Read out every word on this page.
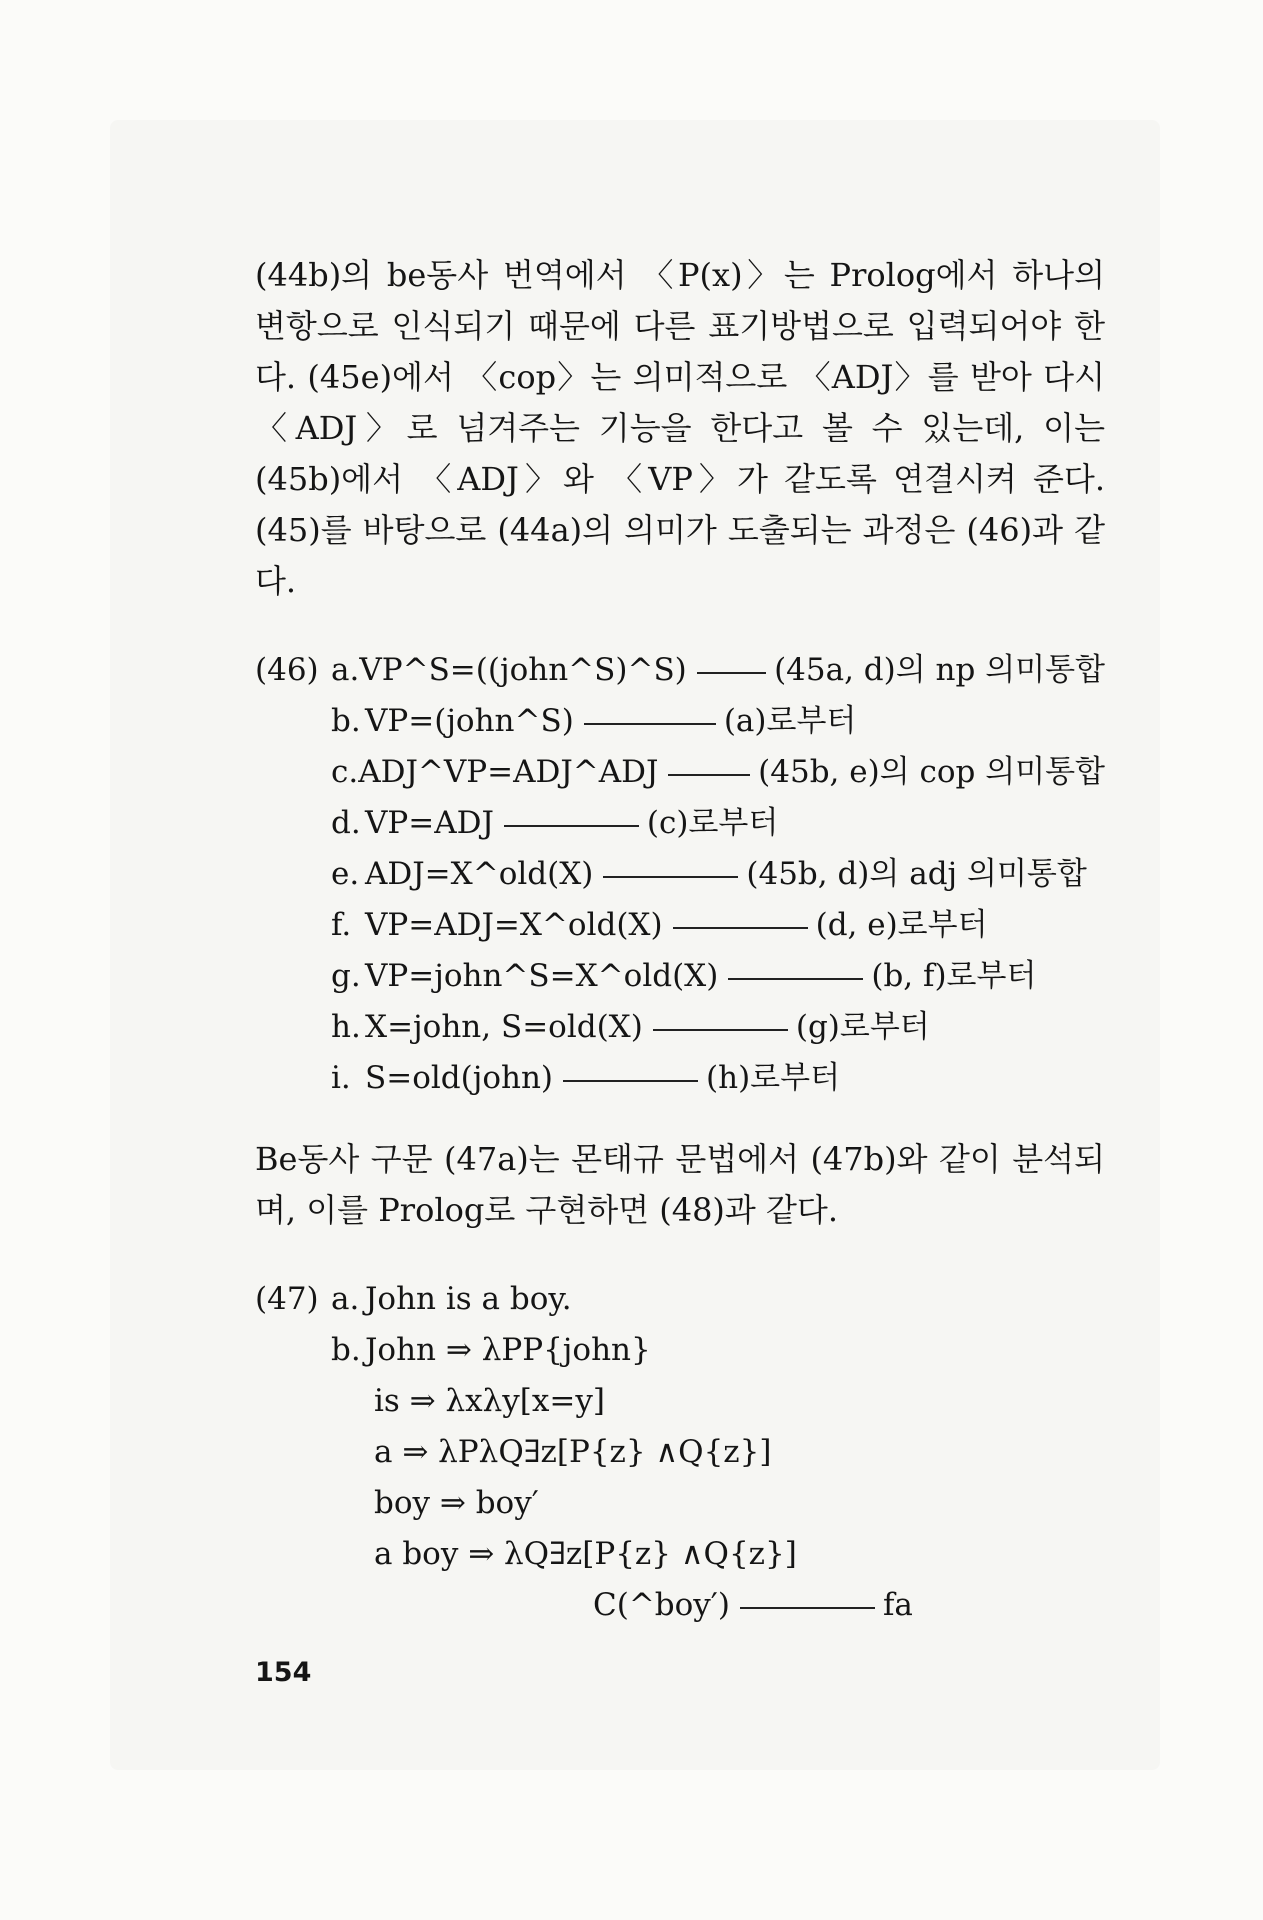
(44b)의 be동사 번역에서 〈P(x)〉는 Prolog에서 하나의 변항으로 인식되기 때문에 다른 표기방법으로 입력되어야 한다. (45e)에서 〈cop〉는 의미적으로 〈ADJ〉를 받아 다시 〈ADJ〉로 넘겨주는 기능을 한다고 볼 수 있는데, 이는 (45b)에서 〈ADJ〉와 〈VP〉가 같도록 연결시켜 준다. (45)를 바탕으로 (44a)의 의미가 도출되는 과정은 (46)과 같다.

(46) a. VP^S=((john^S)^S)	(45a, d)의 np 의미통합
b. VP=(john^S)	(a)로부터
c. ADJ^VP=ADJ^ADJ	(45b, e)의 cop 의미통합
d. VP=ADJ	(c)로부터
e. ADJ=X^old(X)	(45b, d)의 adj 의미통합
f. VP=ADJ=X^old(X)	(d, e)로부터
g. VP=john^S=X^old(X)	(b, f)로부터
h. X=john, S=old(X)	(g)로부터
i. S=old(john)	(h)로부터

Be동사 구문 (47a)는 몬태규 문법에서 (47b)와 같이 분석되며, 이를 Prolog로 구현하면 (48)과 같다.

(47) a. John is a boy.
b. John ⇒ λPP{john}
is ⇒ λxλy[x=y]
a ⇒ λPλQ∃z[P{z} ∧Q{z}]
boy ⇒ boy′
a boy ⇒ λQ∃z[P{z} ∧Q{z}]
C(^boy′)	fa
154
